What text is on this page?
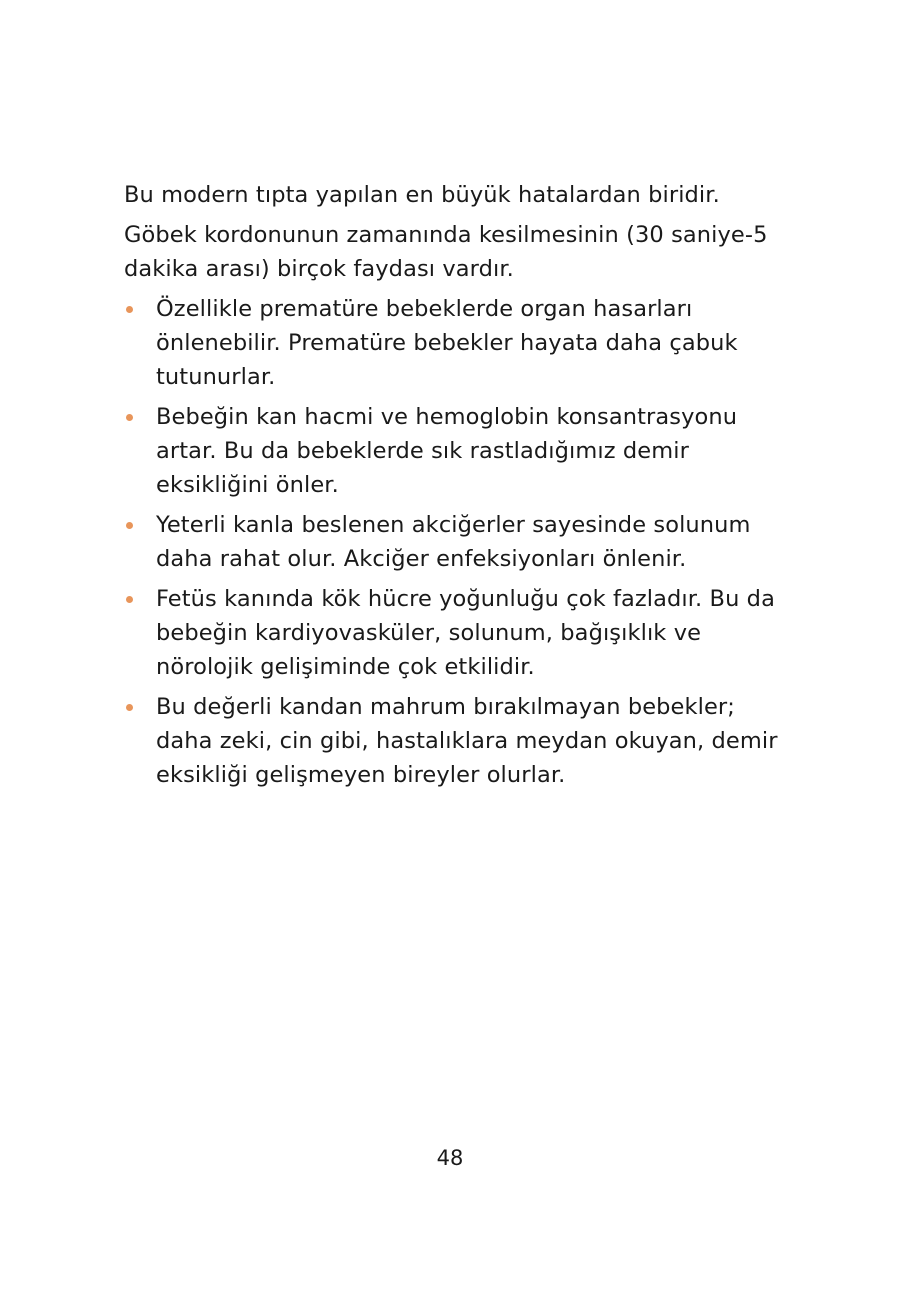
Bu modern tıpta yapılan en büyük hatalardan biridir.

Göbek kordonunun zamanında kesilmesinin (30 saniye-5 dakika arası) birçok faydası vardır.

Özellikle prematüre bebeklerde organ hasarları önlenebilir. Prematüre bebekler hayata daha çabuk tutunurlar.
Bebeğin kan hacmi ve hemoglobin konsantrasyonu artar. Bu da bebeklerde sık rastladığımız demir eksikliğini önler.
Yeterli kanla beslenen akciğerler sayesinde solunum daha rahat olur. Akciğer enfeksiyonları önlenir.
Fetüs kanında kök hücre yoğunluğu çok fazladır. Bu da bebeğin kardiyovasküler, solunum, bağışıklık ve nörolojik gelişiminde çok etkilidir.
Bu değerli kandan mahrum bırakılmayan bebekler; daha zeki, cin gibi, hastalıklara meydan okuyan, demir eksikliği gelişmeyen bireyler olurlar.
48
